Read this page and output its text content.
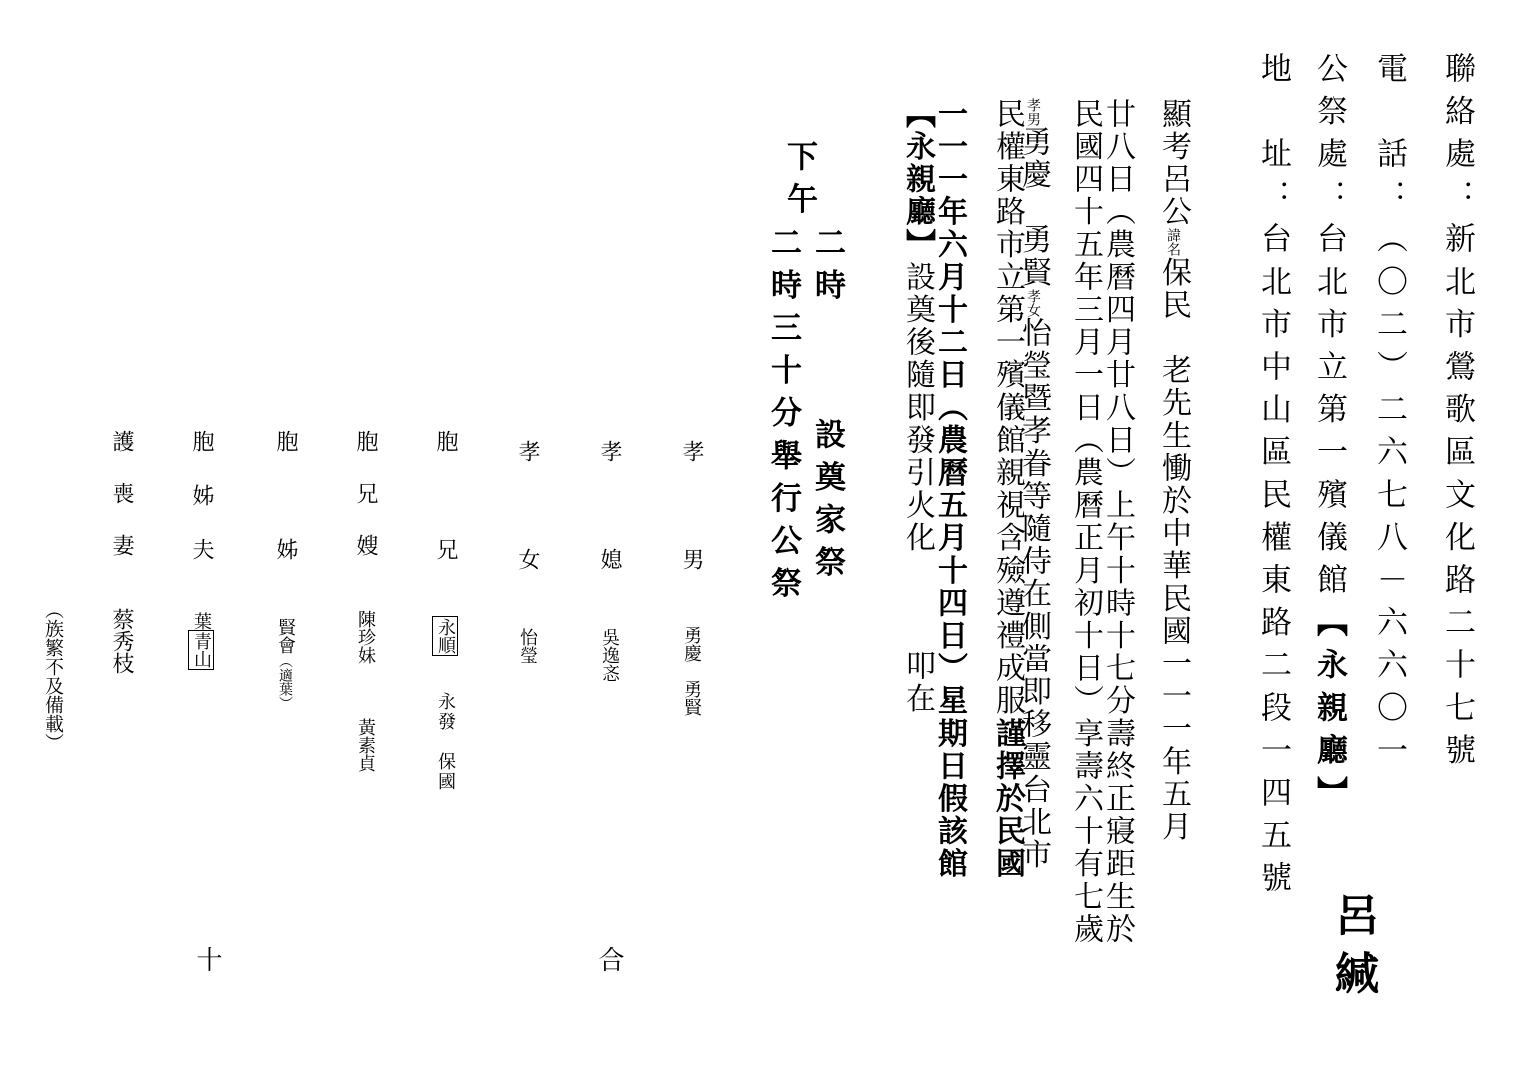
聯絡處：新北市鶯歌區文化路二十七號
電　話：（〇二）二六七八－六六〇一
公祭處：台北市立第一殯儀館【永親廳】
地　址：台北市中山區民權東路二段一四五號
呂緘
顯考呂公諱名保民　老先生慟於中華民國一一一年五月
廿八日（農曆四月廿八日）上午十時十七分壽終正寢距生於
民國四十五年三月一日（農曆正月初十日）享壽六十有七歲
孝男勇慶　勇賢孝女怡瑩暨孝眷等隨侍在側當即移靈台北市
民權東路市立第一殯儀館親視含殮遵禮成服謹擇於民國
一一一年六月十二日（農曆五月十四日）星期日假該館
【永親廳】設奠後隨即發引火化叩在
二時
設奠家祭
下午
二時三十分舉行公祭
孝　男勇慶　勇賢
孝　媳吳逸忞
孝　女怡瑩
胞　兄永順永發　保國
胞兄嫂陳珍妹　　　黃素貞
胞　姊賢會（適葉）
胞姊夫葉青山
護喪妻蔡秀枝
（族繁不及備載）
合
十
